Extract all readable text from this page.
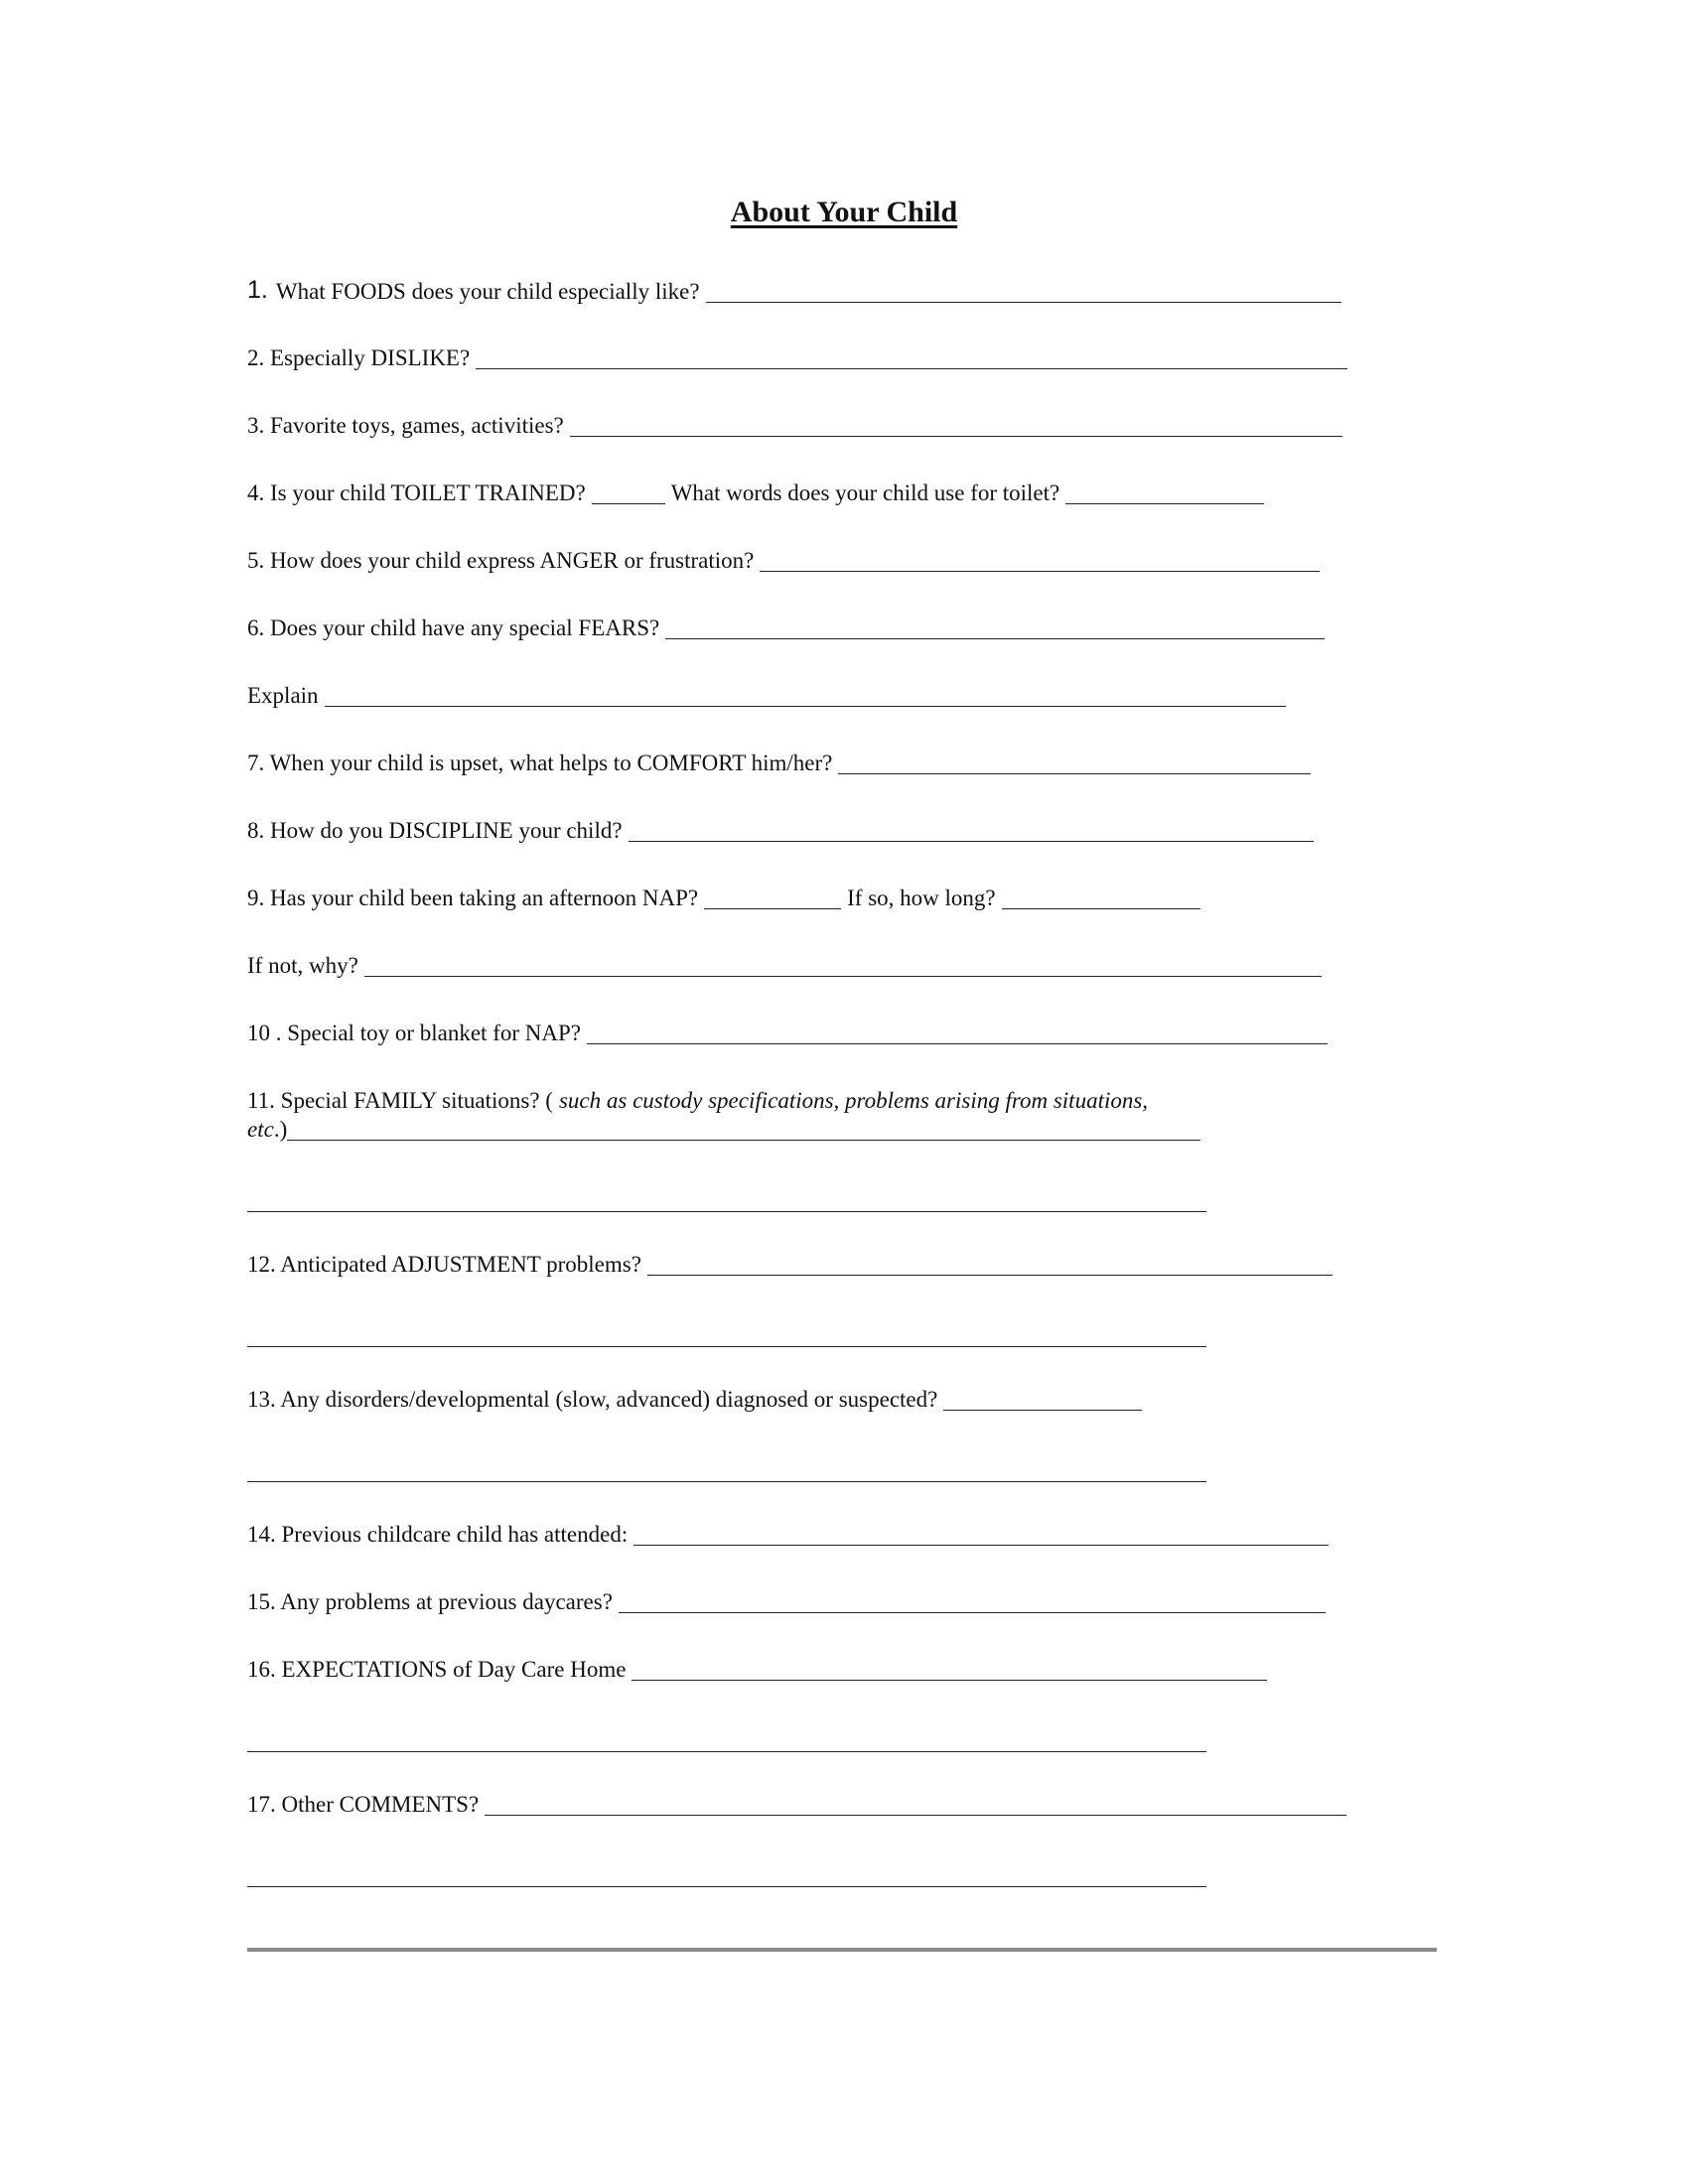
About Your Child
1. What FOODS does your child especially like?
2. Especially DISLIKE?
3. Favorite toys, games, activities?
4. Is your child TOILET TRAINED?	What words does your child use for toilet?
5. How does your child express ANGER or frustration?
6. Does your child have any special FEARS?
Explain
7. When your child is upset, what helps to COMFORT him/her?
8. How do you DISCIPLINE your child?
9. Has your child been taking an afternoon NAP?	If so, how long?
If not, why?
10 . Special toy or blanket for NAP?
11. Special FAMILY situations? ( such as custody specifications, problems arising from situations,
etc .)
12. Anticipated ADJUSTMENT problems?
13. Any disorders/developmental (slow, advanced) diagnosed or suspected?
14. Previous childcare child has attended:
15. Any problems at previous daycares?
16. EXPECTATIONS of Day Care Home
17. Other COMMENTS?
